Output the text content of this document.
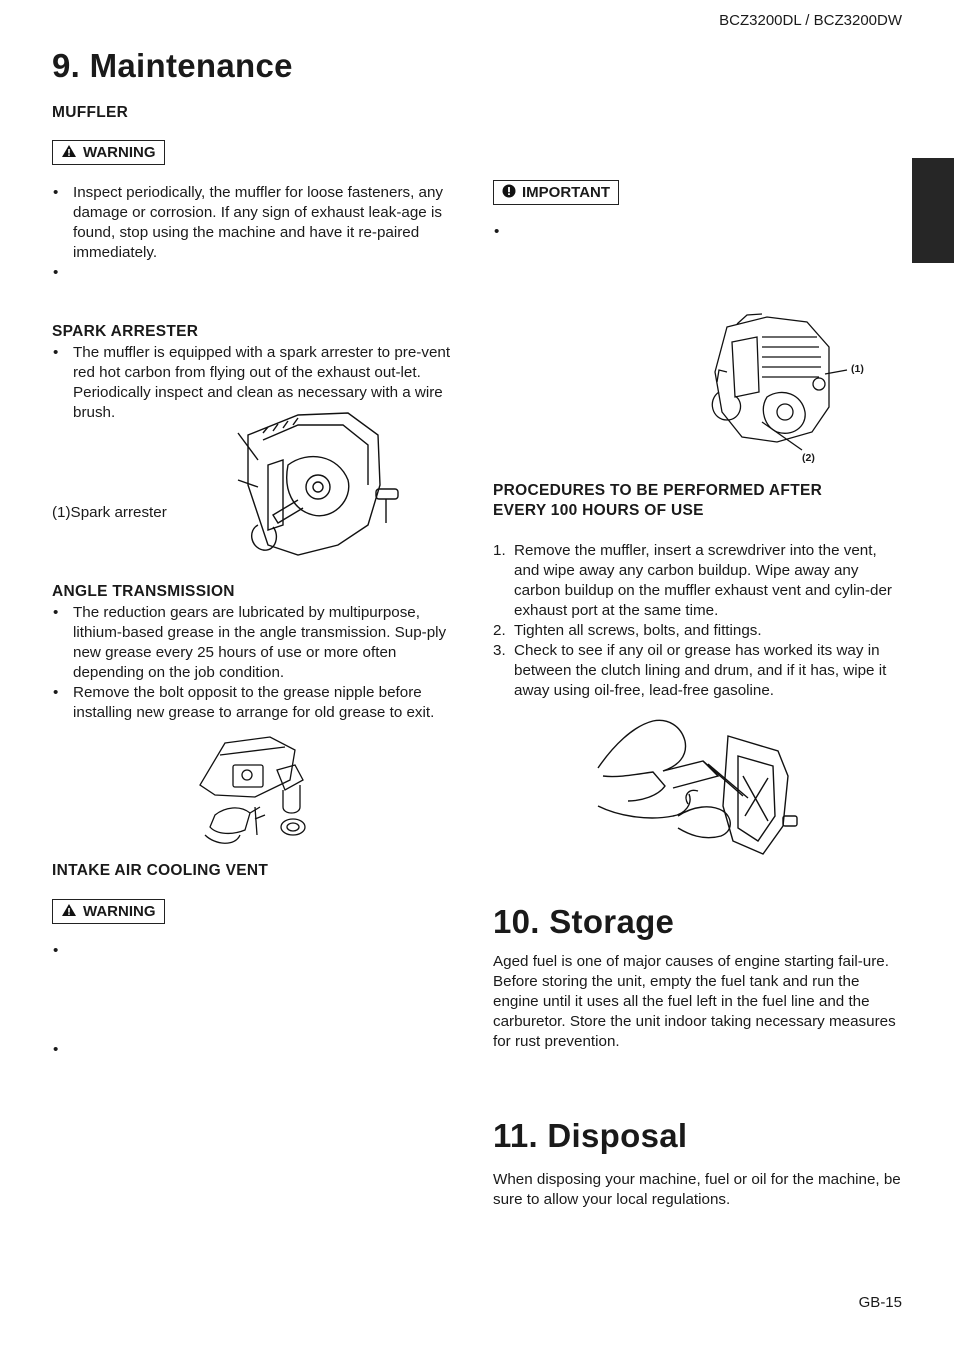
BCZ3200DL / BCZ3200DW
9. Maintenance
MUFFLER
WARNING
• Inspect periodically, the muffler for loose fasteners, any damage or corrosion. If any sign of exhaust leak-age is found, stop using the machine and have it re-paired immediately.
•
SPARK ARRESTER
• The muffler is equipped with a spark arrester to pre-vent red hot carbon from flying out of the exhaust out-let. Periodically inspect and clean as necessary with a wire brush.
(1)Spark arrester
ANGLE TRANSMISSION
• The reduction gears are lubricated by multipurpose, lithium-based grease in the angle transmission. Sup-ply new grease every 25 hours of use or more often depending on the job condition.
• Remove the bolt opposit to the grease nipple before installing new grease to arrange for old grease to exit.
INTAKE AIR COOLING VENT
WARNING
•
•
IMPORTANT
•
(1)
(2)
PROCEDURES TO BE PERFORMED AFTER
EVERY 100 HOURS OF USE
1. Remove the muffler, insert a screwdriver into the vent, and wipe away any carbon buildup. Wipe away any carbon buildup on the muffler exhaust vent and cylin-der exhaust port at the same time.
2. Tighten all screws, bolts, and fittings.
3. Check to see if any oil or grease has worked its way in between the clutch lining and drum, and if it has, wipe it away using oil-free, lead-free gasoline.
10. Storage
Aged fuel is one of major causes of engine starting fail-ure. Before storing the unit, empty the fuel tank and run the engine until it uses all the fuel left in the fuel line and the carburetor. Store the unit indoor taking necessary measures for rust prevention.
11. Disposal
When disposing your machine, fuel or oil for the machine, be sure to allow your local regulations.
GB-15
